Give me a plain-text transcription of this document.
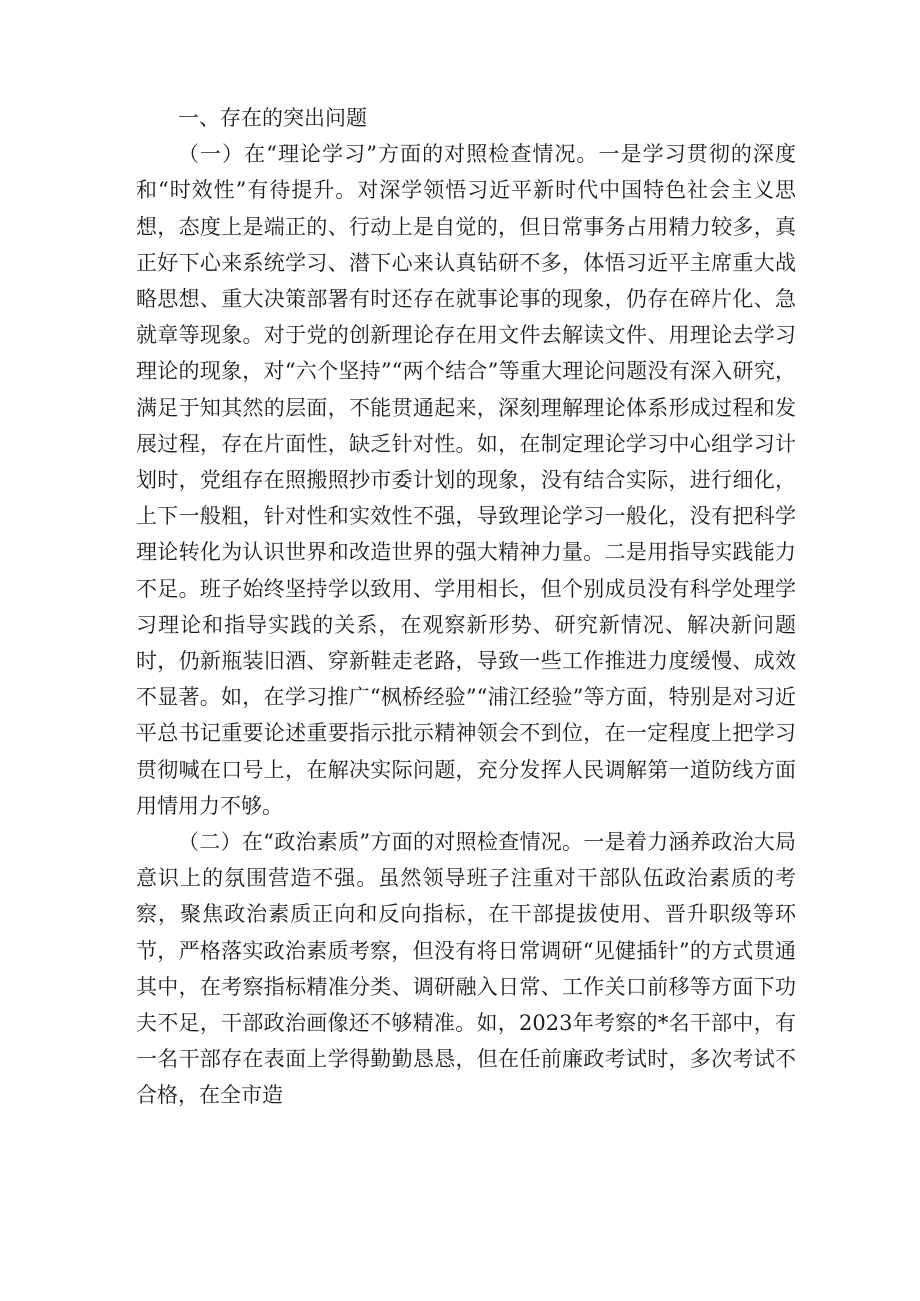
一、存在的突出问题

（一）在“理论学习”方面的对照检查情况。一是学习贯彻的深度和“时效性”有待提升。对深学领悟习近平新时代中国特色社会主义思想，态度上是端正的、行动上是自觉的，但日常事务占用精力较多，真正好下心来系统学习、潜下心来认真钻研不多，体悟习近平主席重大战略思想、重大决策部署有时还存在就事论事的现象，仍存在碎片化、急就章等现象。对于党的创新理论存在用文件去解读文件、用理论去学习理论的现象，对“六个坚持”“两个结合”等重大理论问题没有深入研究，满足于知其然的层面，不能贯通起来，深刻理解理论体系形成过程和发展过程，存在片面性，缺乏针对性。如，在制定理论学习中心组学习计划时，党组存在照搬照抄市委计划的现象，没有结合实际，进行细化，上下一般粗，针对性和实效性不强，导致理论学习一般化，没有把科学理论转化为认识世界和改造世界的强大精神力量。二是用指导实践能力不足。班子始终坚持学以致用、学用相长，但个别成员没有科学处理学习理论和指导实践的关系，在观察新形势、研究新情况、解决新问题时，仍新瓶装旧酒、穿新鞋走老路，导致一些工作推进力度缓慢、成效不显著。如，在学习推广“枫桥经验”“浦江经验”等方面，特别是对习近平总书记重要论述重要指示批示精神领会不到位，在一定程度上把学习贯彻喊在口号上，在解决实际问题，充分发挥人民调解第一道防线方面用情用力不够。

（二）在“政治素质”方面的对照检查情况。一是着力涵养政治大局意识上的氛围营造不强。虽然领导班子注重对干部队伍政治素质的考察，聚焦政治素质正向和反向指标，在干部提拔使用、晋升职级等环节，严格落实政治素质考察，但没有将日常调研“见健插针”的方式贯通其中，在考察指标精准分类、调研融入日常、工作关口前移等方面下功夫不足，干部政治画像还不够精准。如，2023年考察的*名干部中，有一名干部存在表面上学得勤勤恳恳，但在任前廉政考试时，多次考试不合格，在全市造
